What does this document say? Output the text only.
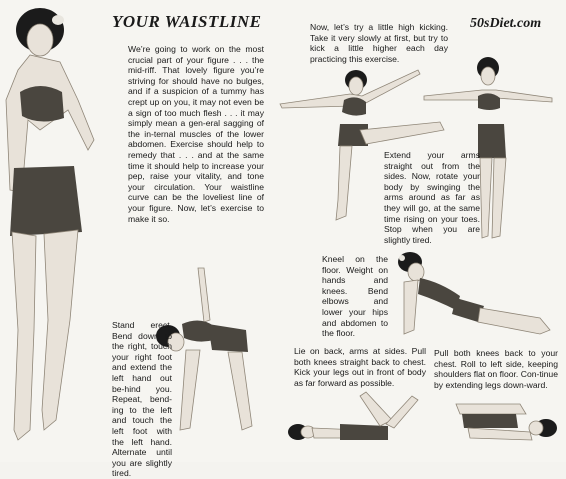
YOUR WAISTLINE	50sDiet.com
We’re going to work on the most crucial part of your figure . . . the mid-riff. That lovely figure you’re striving for should have no bulges, and if a suspicion of a tummy has crept up on you, it may not even be a sign of too much flesh . . . it may simply mean a gen-eral sagging of the in-ternal muscles of the lower abdomen. Exercise should help to remedy that . . . and at the same time it should help to increase your pep, raise your vitality, and tone your circulation. Your waistline curve can be the loveliest line of your figure. Now, let’s exercise to make it so.
Now, let’s try a little high kicking. Take it very slowly at first, but try to kick a little higher each day practicing this exercise.
Extend your arms straight out from the sides. Now, rotate your body by swinging the arms around as far as they will go, at the same time rising on your toes. Stop when you are slightly tired.
Kneel on the floor. Weight on hands and knees. Bend elbows and lower your hips and abdomen to the floor.
Stand erect. Bend down to the right, touch your right foot and extend the left hand out be-hind you. Repeat, bend-ing to the left and touch the left foot with the left hand. Alternate until you are slightly tired.
Lie on back, arms at sides. Pull both knees straight back to chest. Kick your legs out in front of body as far forward as possible.
Pull both knees back to your chest. Roll to left side, keeping shoulders flat on floor. Con-tinue by extending legs down-ward.
